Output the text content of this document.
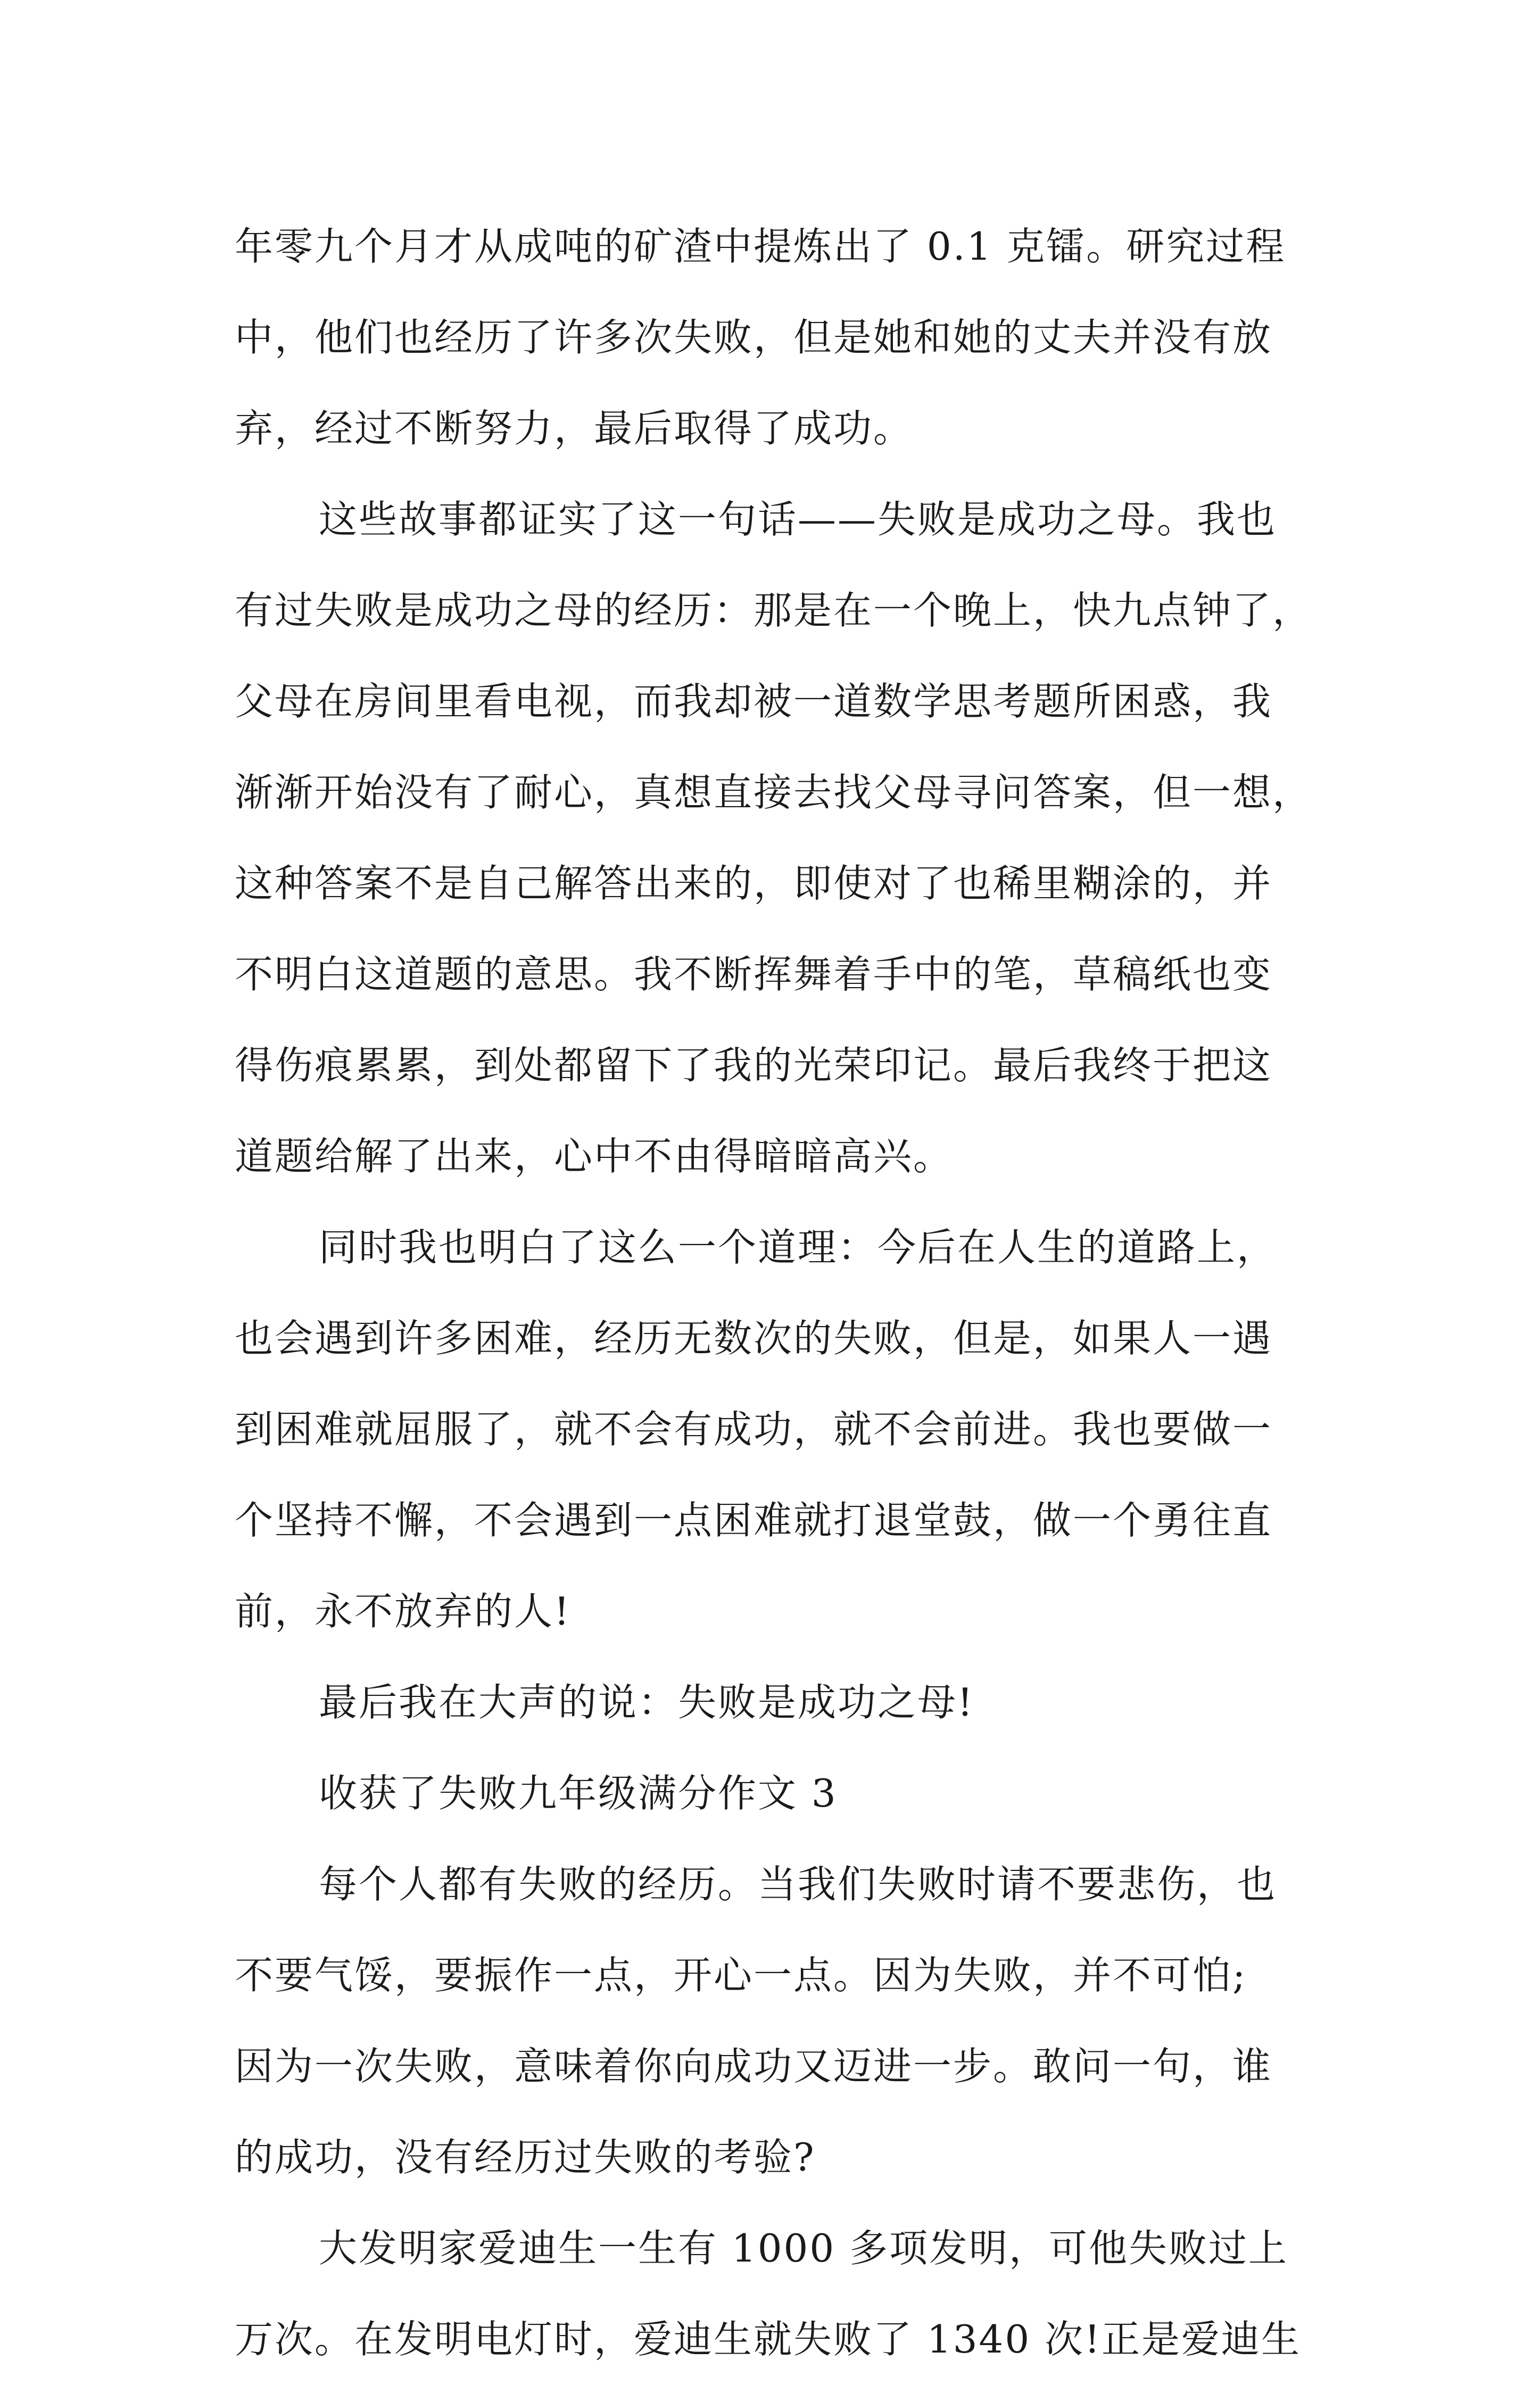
年零九个月才从成吨的矿渣中提炼出了 0.1 克镭。研究过程
中，他们也经历了许多次失败，但是她和她的丈夫并没有放
弃，经过不断努力，最后取得了成功。
这些故事都证实了这一句话——失败是成功之母。我也
有过失败是成功之母的经历：那是在一个晚上，快九点钟了，
父母在房间里看电视，而我却被一道数学思考题所困惑，我
渐渐开始没有了耐心，真想直接去找父母寻问答案，但一想，
这种答案不是自己解答出来的，即使对了也稀里糊涂的，并
不明白这道题的意思。我不断挥舞着手中的笔，草稿纸也变
得伤痕累累，到处都留下了我的光荣印记。最后我终于把这
道题给解了出来，心中不由得暗暗高兴。
同时我也明白了这么一个道理：今后在人生的道路上，
也会遇到许多困难，经历无数次的失败，但是，如果人一遇
到困难就屈服了，就不会有成功，就不会前进。我也要做一
个坚持不懈，不会遇到一点困难就打退堂鼓，做一个勇往直
前，永不放弃的人!
最后我在大声的说：失败是成功之母!
收获了失败九年级满分作文 3
每个人都有失败的经历。当我们失败时请不要悲伤，也
不要气馁，要振作一点，开心一点。因为失败，并不可怕;
因为一次失败，意味着你向成功又迈进一步。敢问一句，谁
的成功，没有经历过失败的考验?
大发明家爱迪生一生有 1000 多项发明，可他失败过上
万次。在发明电灯时，爱迪生就失败了 1340 次!正是爱迪生
